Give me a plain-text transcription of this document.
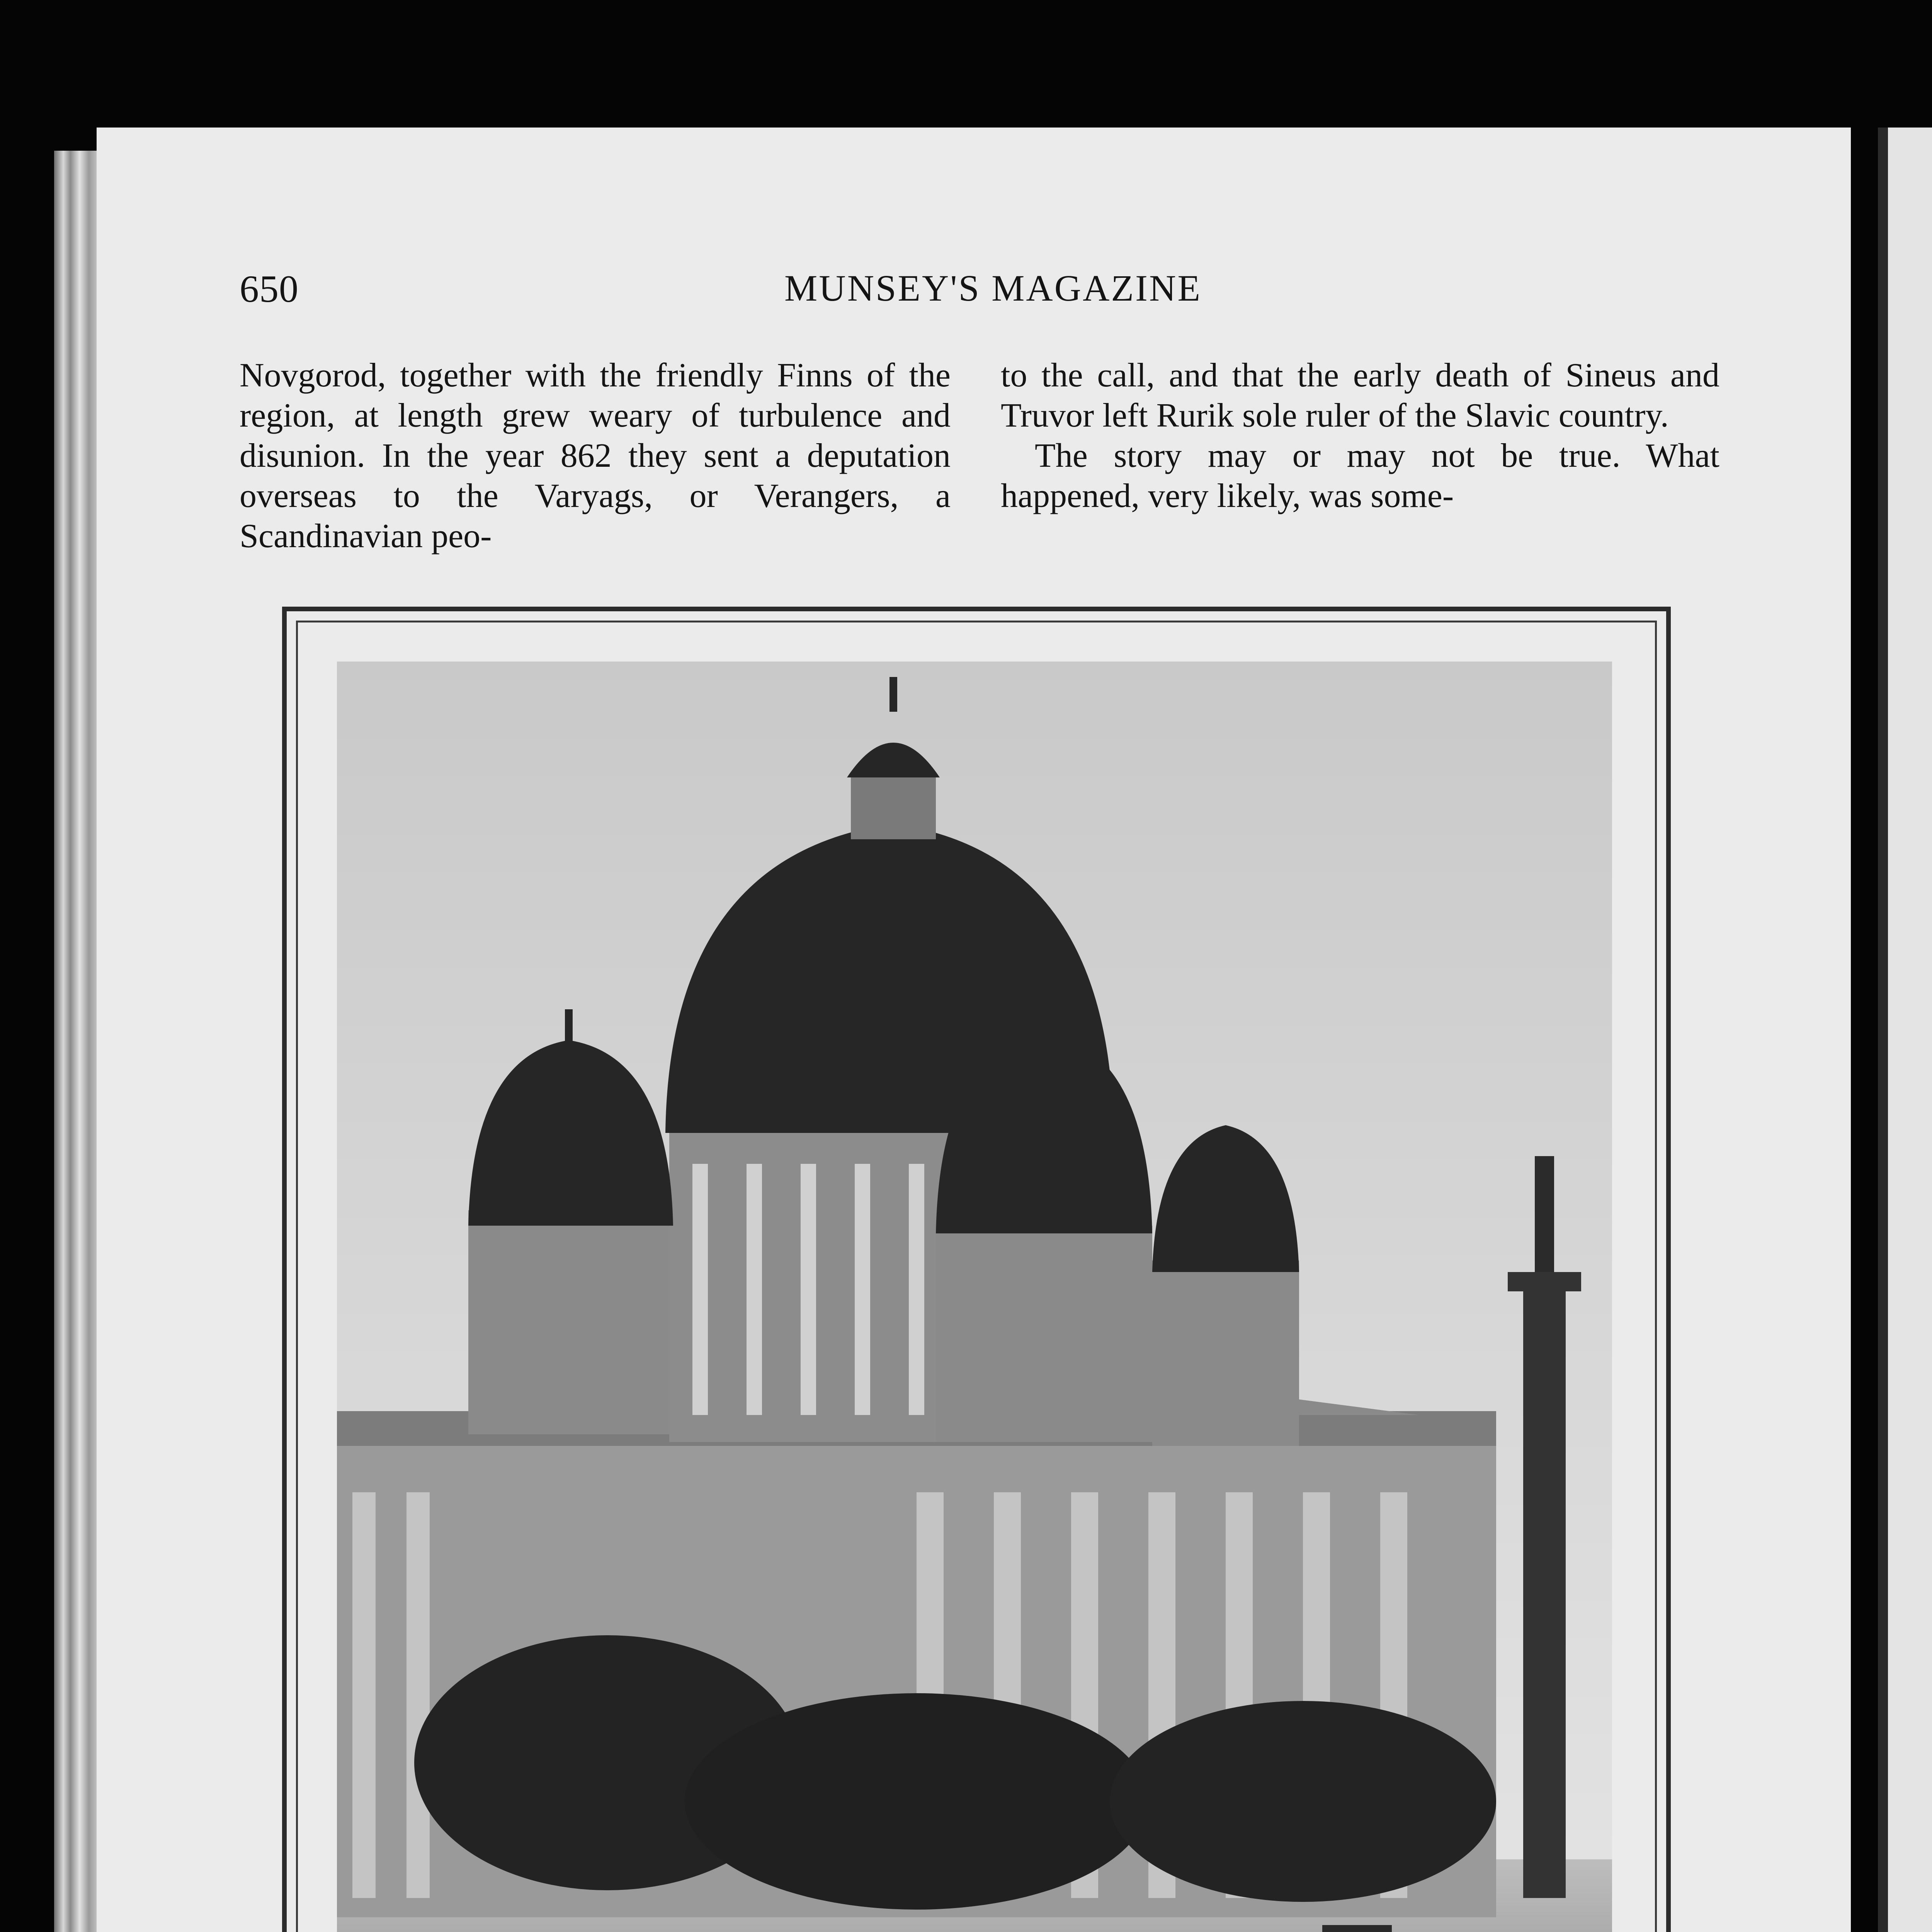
650	MUNSEY'S MAGAZINE

Novgorod, together with the friendly Finns of the region, at length grew weary of turbulence and disunion. In the year 862 they sent a deputation overseas to the Varyags, or Verangers, a Scandinavian peo-

to the call, and that the early death of Sineus and Truvor left Rurik sole ruler of the Slavic country.

The story may or may not be true. What happened, very likely, was some-
